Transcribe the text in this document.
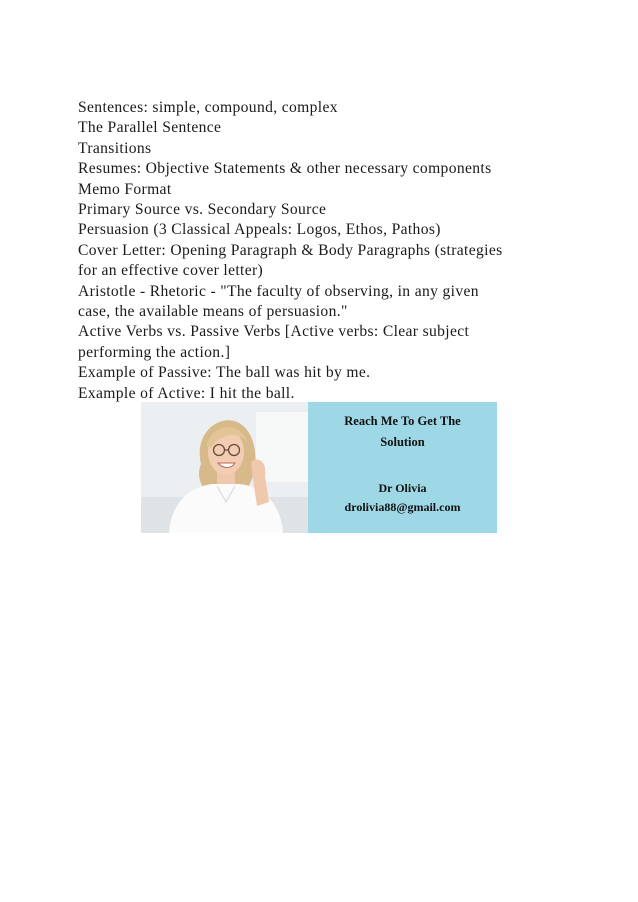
Sentences: simple, compound, complex
The Parallel Sentence
Transitions
Resumes: Objective Statements & other necessary components
Memo Format
Primary Source vs. Secondary Source
Persuasion (3 Classical Appeals: Logos, Ethos, Pathos)
Cover Letter: Opening Paragraph & Body Paragraphs (strategies
for an effective cover letter)
Aristotle - Rhetoric - "The faculty of observing, in any given
case, the available means of persuasion."
Active Verbs vs. Passive Verbs [Active verbs: Clear subject
performing the action.]
Example of Passive: The ball was hit by me.
Example of Active: I hit the ball.
Reach Me To Get The
Solution
Dr Olivia
drolivia88@gmail.com
